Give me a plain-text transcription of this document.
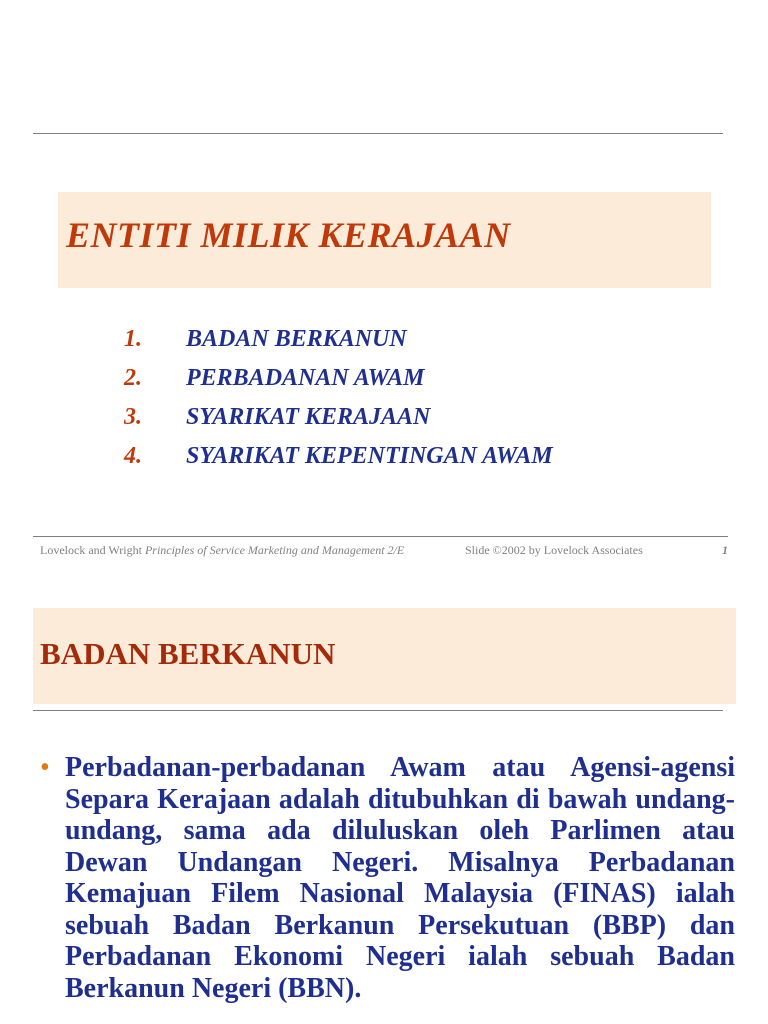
ENTITI MILIK KERAJAAN
1. BADAN BERKANUN
2. PERBADANAN AWAM
3. SYARIKAT KERAJAAN
4. SYARIKAT KEPENTINGAN AWAM
Lovelock and Wright Principles of Service Marketing and Management 2/E	Slide ©2002 by Lovelock Associates	1
BADAN BERKANUN
• Perbadanan-perbadanan Awam atau Agensi-agensi Separa Kerajaan adalah ditubuhkan di bawah undang-undang, sama ada diluluskan oleh Parlimen atau Dewan Undangan Negeri. Misalnya Perbadanan Kemajuan Filem Nasional Malaysia (FINAS) ialah sebuah Badan Berkanun Persekutuan (BBP) dan Perbadanan Ekonomi Negeri ialah sebuah Badan Berkanun Negeri (BBN).
